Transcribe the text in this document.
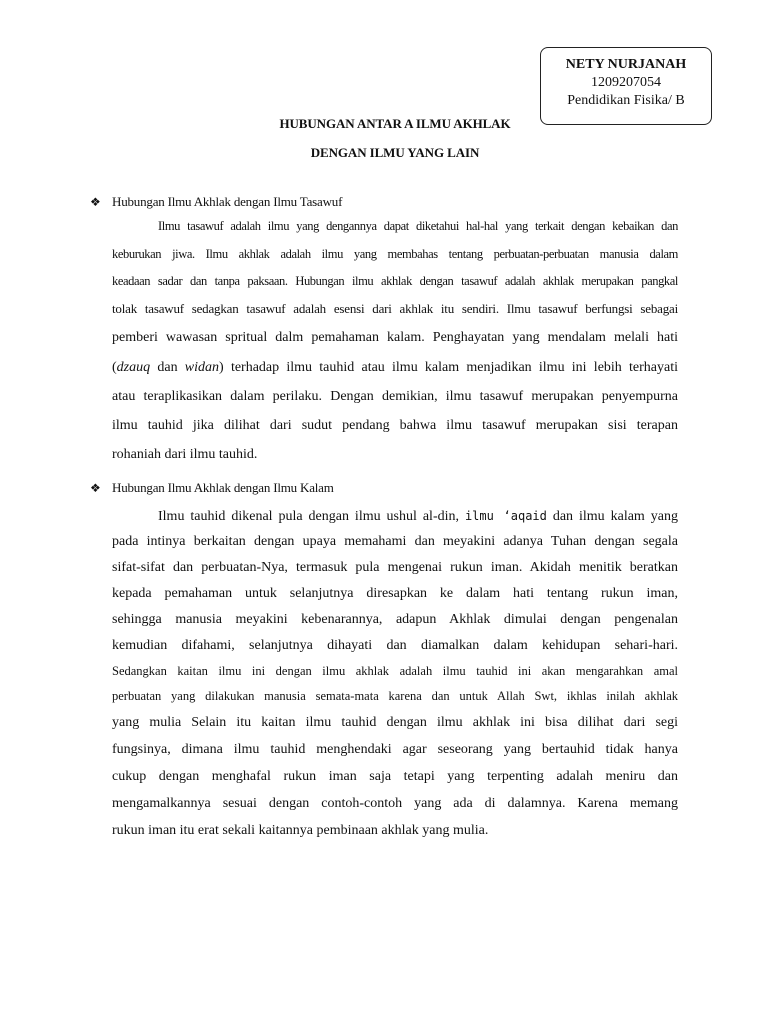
NETY NURJANAH
1209207054
Pendidikan Fisika/ B
HUBUNGAN ANTAR A ILMU AKHLAK
DENGAN ILMU YANG LAIN
❖ Hubungan Ilmu Akhlak dengan Ilmu Tasawuf
Ilmu tasawuf adalah ilmu yang dengannya dapat diketahui hal-hal yang terkait dengan kebaikan dan
keburukan jiwa. Ilmu akhlak adalah ilmu yang membahas tentang perbuatan-perbuatan manusia dalam
keadaan sadar dan tanpa paksaan. Hubungan ilmu akhlak dengan tasawuf adalah akhlak merupakan pangkal
tolak tasawuf sedagkan tasawuf adalah esensi dari akhlak itu sendiri. Ilmu tasawuf berfungsi sebagai
pemberi wawasan spritual dalm pemahaman kalam. Penghayatan yang mendalam melali hati
(dzauq dan widan) terhadap ilmu tauhid atau ilmu kalam menjadikan ilmu ini lebih terhayati
atau teraplikasikan dalam perilaku. Dengan demikian, ilmu tasawuf merupakan penyempurna
ilmu tauhid jika dilihat dari sudut pendang bahwa ilmu tasawuf merupakan sisi terapan
rohaniah dari ilmu tauhid.
❖ Hubungan Ilmu Akhlak dengan Ilmu Kalam
Ilmu tauhid dikenal pula dengan ilmu ushul al-din, ilmu ʻaqaid dan ilmu kalam yang
pada intinya berkaitan dengan upaya memahami dan meyakini adanya Tuhan dengan segala
sifat-sifat dan perbuatan-Nya, termasuk pula mengenai rukun iman. Akidah menitik beratkan
kepada pemahaman untuk selanjutnya diresapkan ke dalam hati tentang rukun iman,
sehingga manusia meyakini kebenarannya, adapun Akhlak dimulai dengan pengenalan
kemudian difahami, selanjutnya dihayati dan diamalkan dalam kehidupan sehari-hari.
Sedangkan kaitan ilmu ini dengan ilmu akhlak adalah ilmu tauhid ini akan mengarahkan amal
perbuatan yang dilakukan manusia semata-mata karena dan untuk Allah Swt, ikhlas inilah akhlak
yang mulia Selain itu kaitan ilmu tauhid dengan ilmu akhlak ini bisa dilihat dari segi
fungsinya, dimana ilmu tauhid menghendaki agar seseorang yang bertauhid tidak hanya
cukup dengan menghafal rukun iman saja tetapi yang terpenting adalah meniru dan
mengamalkannya sesuai dengan contoh-contoh yang ada di dalamnya. Karena memang
rukun iman itu erat sekali kaitannya pembinaan akhlak yang mulia.
